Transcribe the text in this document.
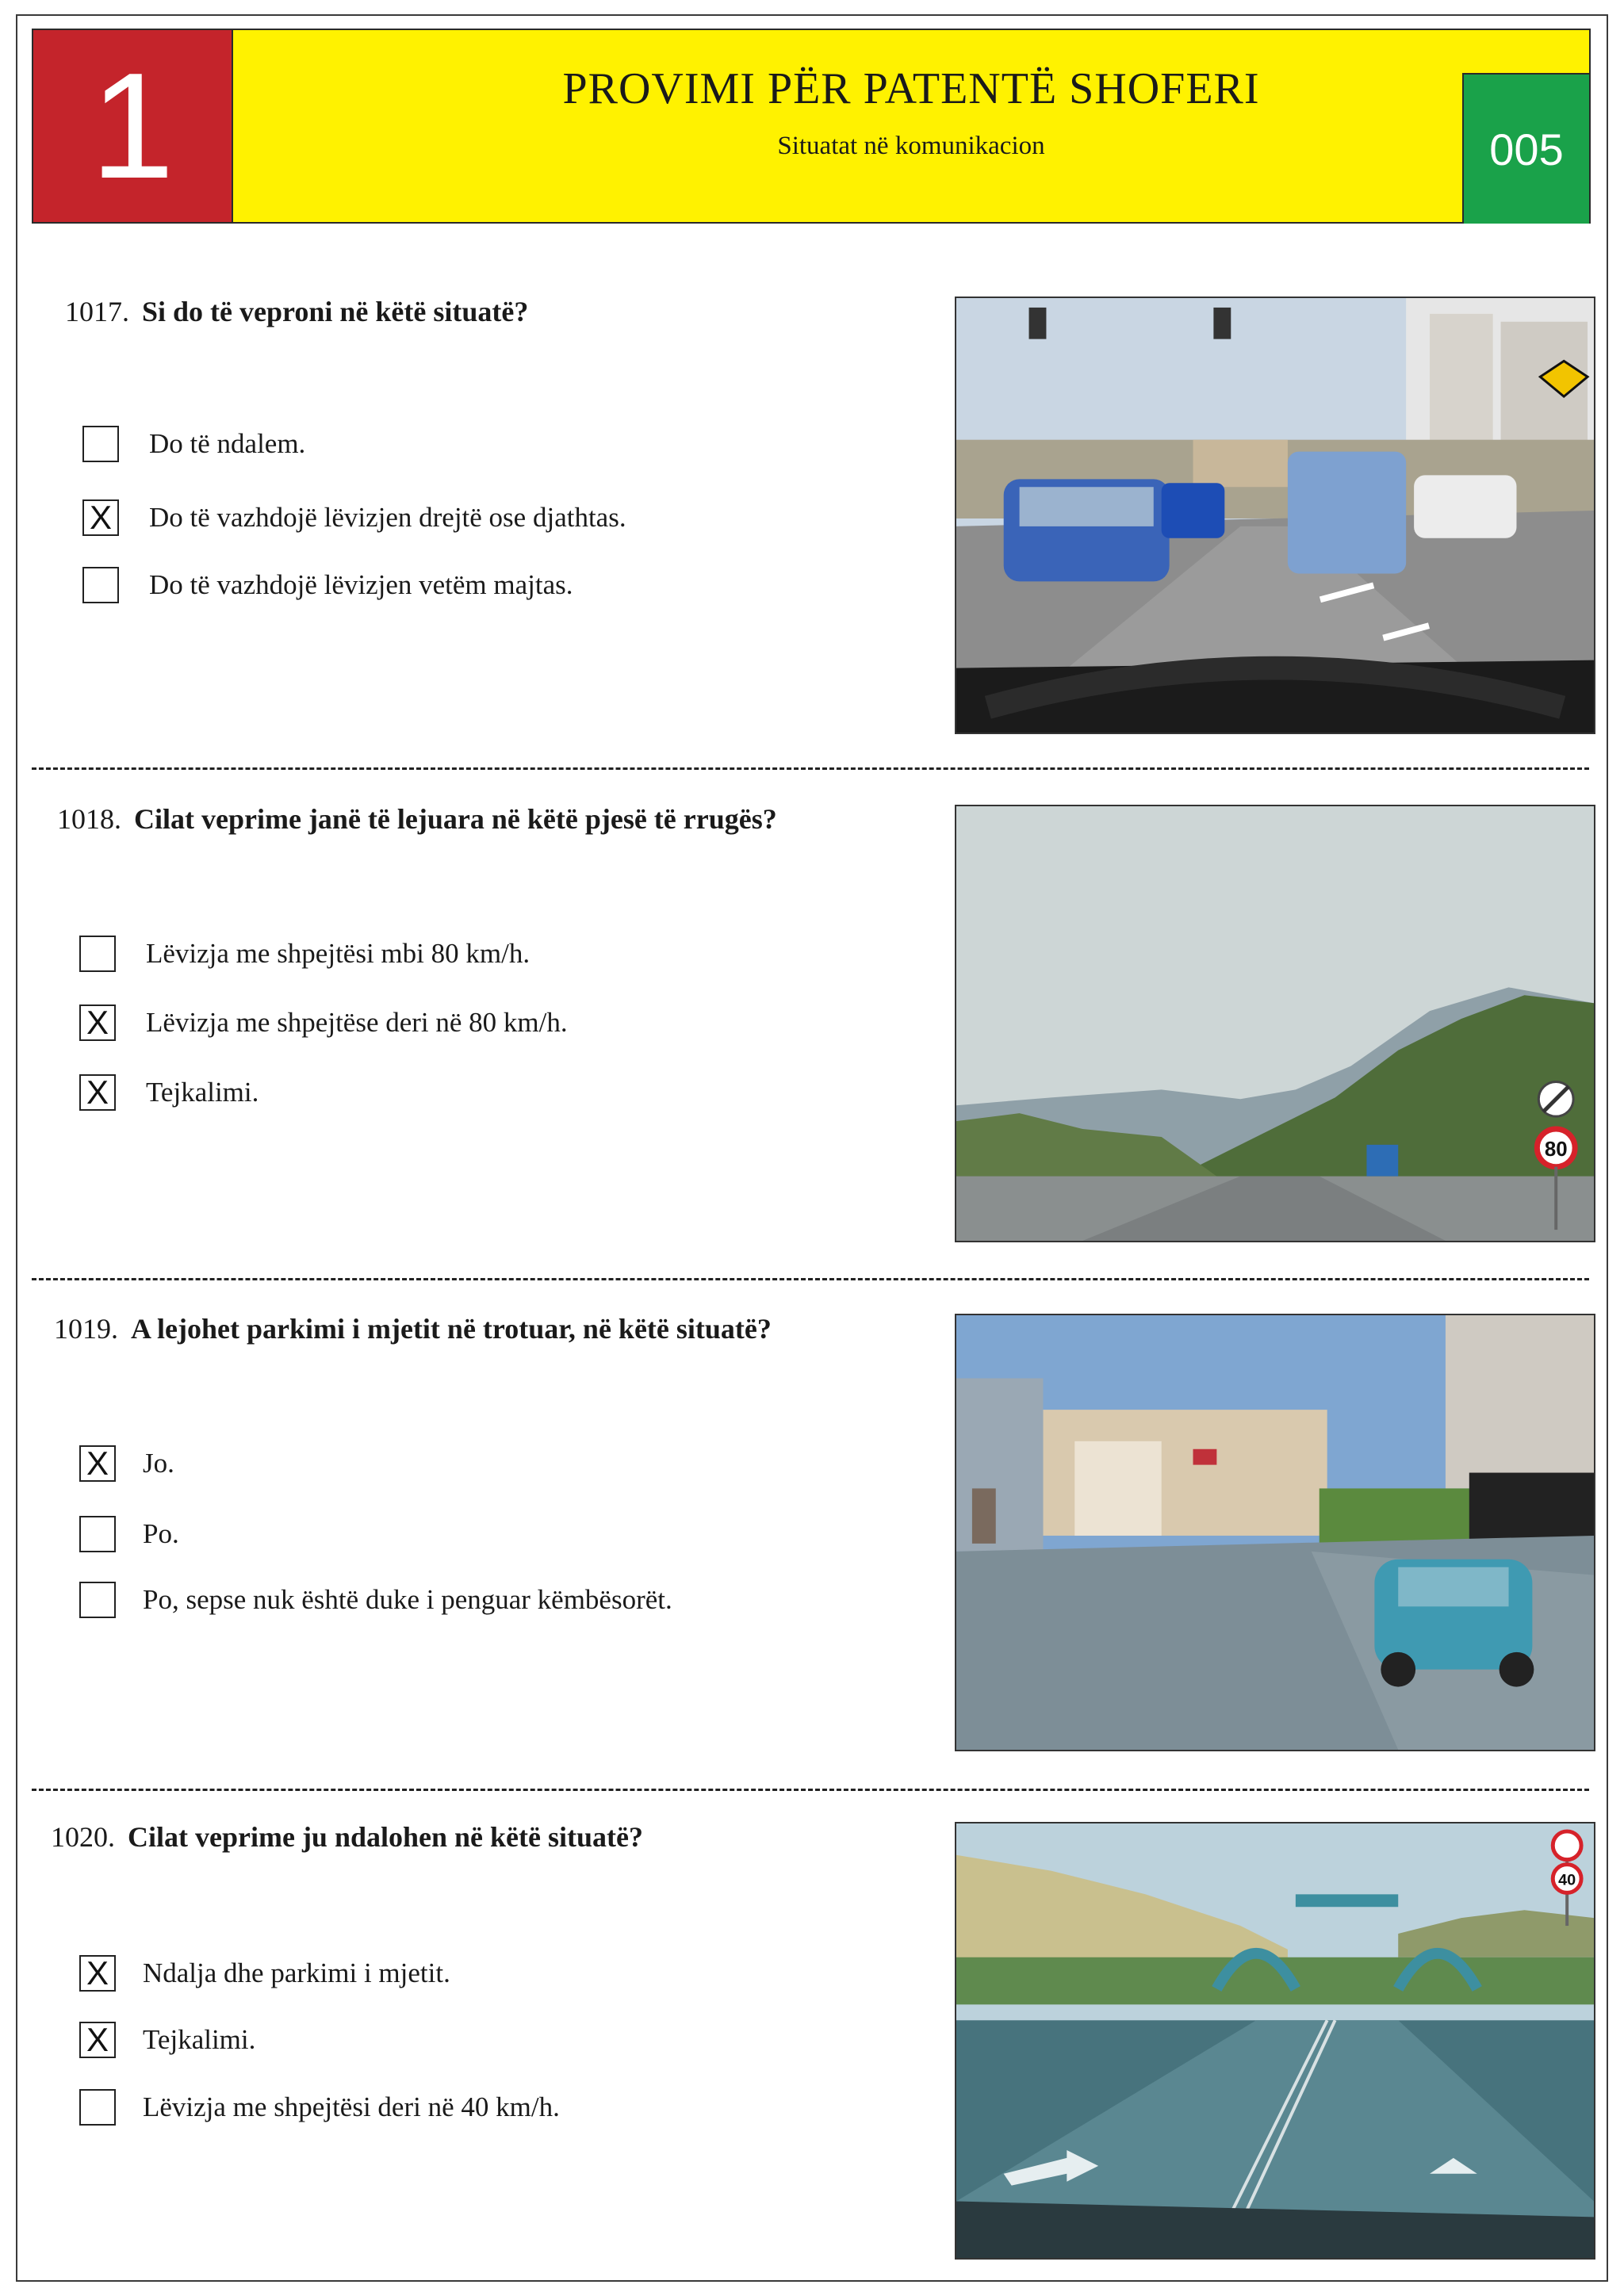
1	PROVIMI PËR PATENTË SHOFERI
Situatat në komunikacion	005
1017. Si do të veproni në këtë situatë?
Do të ndalem.
X Do të vazhdojë lëvizjen drejtë ose djathtas.
Do të vazhdojë lëvizjen vetëm majtas.
1018. Cilat veprime janë të lejuara në këtë pjesë të rrugës?
Lëvizja me shpejtësi mbi 80 km/h.
X Lëvizja me shpejtëse deri në 80 km/h.
X Tejkalimi.
80
1019. A lejohet parkimi i mjetit në trotuar, në këtë situatë?
X Jo.
Po.
Po, sepse nuk është duke i penguar këmbësorët.
1020. Cilat veprime ju ndalohen në këtë situatë?
X Ndalja dhe parkimi i mjetit.
X Tejkalimi.
Lëvizja me shpejtësi deri në 40 km/h.
40
